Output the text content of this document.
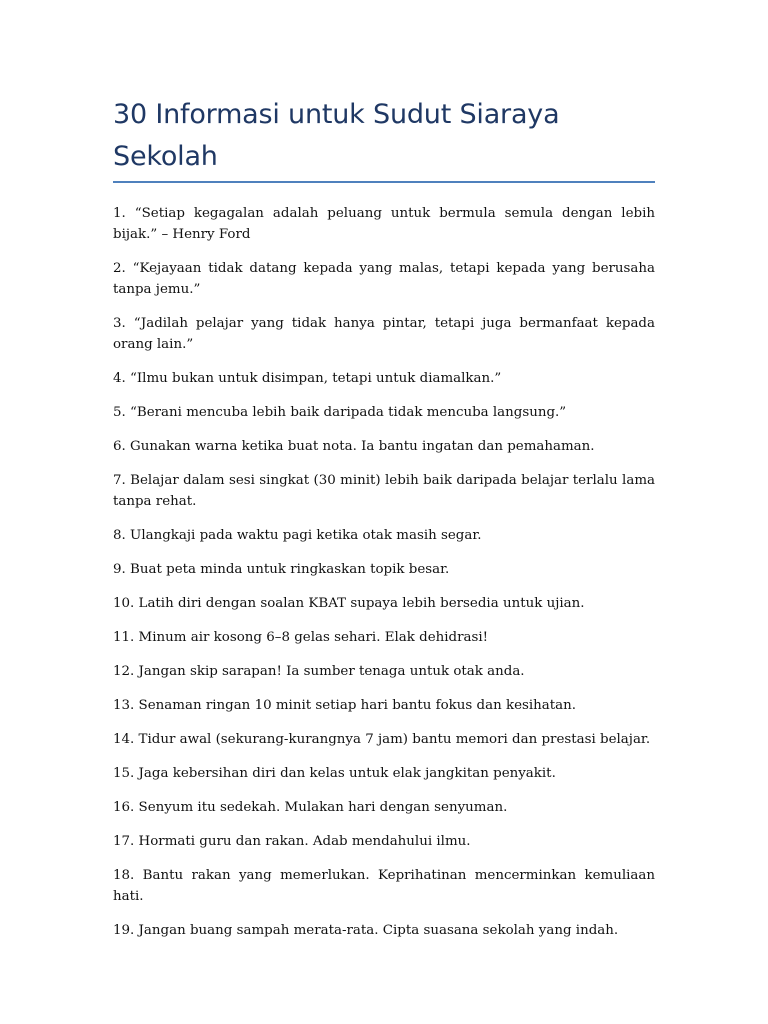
30 Informasi untuk Sudut Siaraya Sekolah
1. “Setiap kegagalan adalah peluang untuk bermula semula dengan lebih bijak.” – Henry Ford
2. “Kejayaan tidak datang kepada yang malas, tetapi kepada yang berusaha tanpa jemu.”
3. “Jadilah pelajar yang tidak hanya pintar, tetapi juga bermanfaat kepada orang lain.”
4. “Ilmu bukan untuk disimpan, tetapi untuk diamalkan.”
5. “Berani mencuba lebih baik daripada tidak mencuba langsung.”
6. Gunakan warna ketika buat nota. Ia bantu ingatan dan pemahaman.
7. Belajar dalam sesi singkat (30 minit) lebih baik daripada belajar terlalu lama tanpa rehat.
8. Ulangkaji pada waktu pagi ketika otak masih segar.
9. Buat peta minda untuk ringkaskan topik besar.
10. Latih diri dengan soalan KBAT supaya lebih bersedia untuk ujian.
11. Minum air kosong 6–8 gelas sehari. Elak dehidrasi!
12. Jangan skip sarapan! Ia sumber tenaga untuk otak anda.
13. Senaman ringan 10 minit setiap hari bantu fokus dan kesihatan.
14. Tidur awal (sekurang-kurangnya 7 jam) bantu memori dan prestasi belajar.
15. Jaga kebersihan diri dan kelas untuk elak jangkitan penyakit.
16. Senyum itu sedekah. Mulakan hari dengan senyuman.
17. Hormati guru dan rakan. Adab mendahului ilmu.
18. Bantu rakan yang memerlukan. Keprihatinan mencerminkan kemuliaan hati.
19. Jangan buang sampah merata-rata. Cipta suasana sekolah yang indah.
